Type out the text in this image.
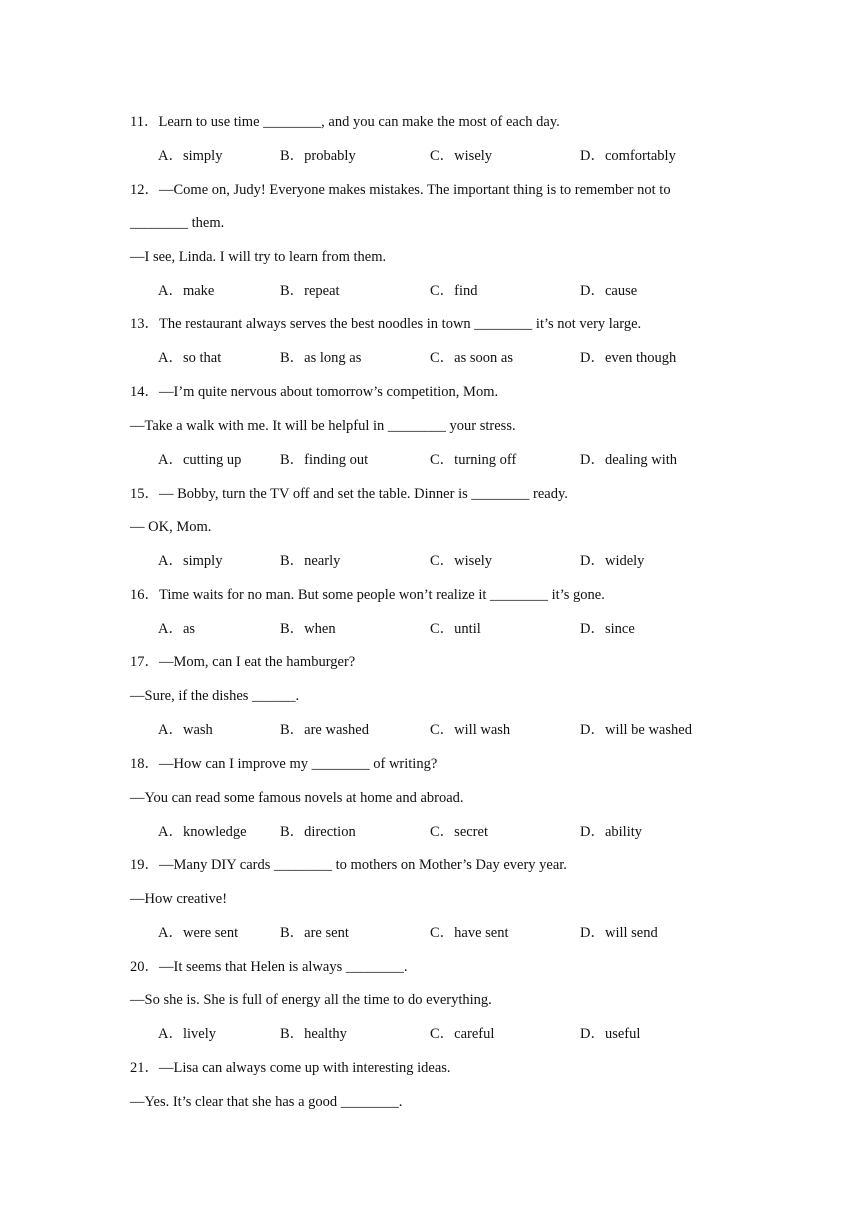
11．Learn to use time ________, and you can make the most of each day.
A．simply	B．probably	C．wisely	D．comfortably
12．—Come on, Judy! Everyone makes mistakes. The important thing is to remember not to
________ them.
—I see, Linda. I will try to learn from them.
A．make	B．repeat	C．find	D．cause
13．The restaurant always serves the best noodles in town ________ it’s not very large.
A．so that	B．as long as	C．as soon as	D．even though
14．—I’m quite nervous about tomorrow’s competition, Mom.
—Take a walk with me. It will be helpful in ________ your stress.
A．cutting up	B．finding out	C．turning off	D．dealing with
15．— Bobby, turn the TV off and set the table. Dinner is ________ ready.
— OK, Mom.
A．simply	B．nearly	C．wisely	D．widely
16．Time waits for no man. But some people won’t realize it ________ it’s gone.
A．as	B．when	C．until	D．since
17．—Mom, can I eat the hamburger?
—Sure, if the dishes ______.
A．wash	B．are washed	C．will wash	D．will be washed
18．—How can I improve my ________ of writing?
—You can read some famous novels at home and abroad.
A．knowledge B．direction	C．secret	D．ability
19．—Many DIY cards ________ to mothers on Mother’s Day every year.
—How creative!
A．were sent	B．are sent	C．have sent	D．will send
20．—It seems that Helen is always ________.
—So she is. She is full of energy all the time to do everything.
A．lively	B．healthy	C．careful	D．useful
21．—Lisa can always come up with interesting ideas.
—Yes. It’s clear that she has a good ________.
